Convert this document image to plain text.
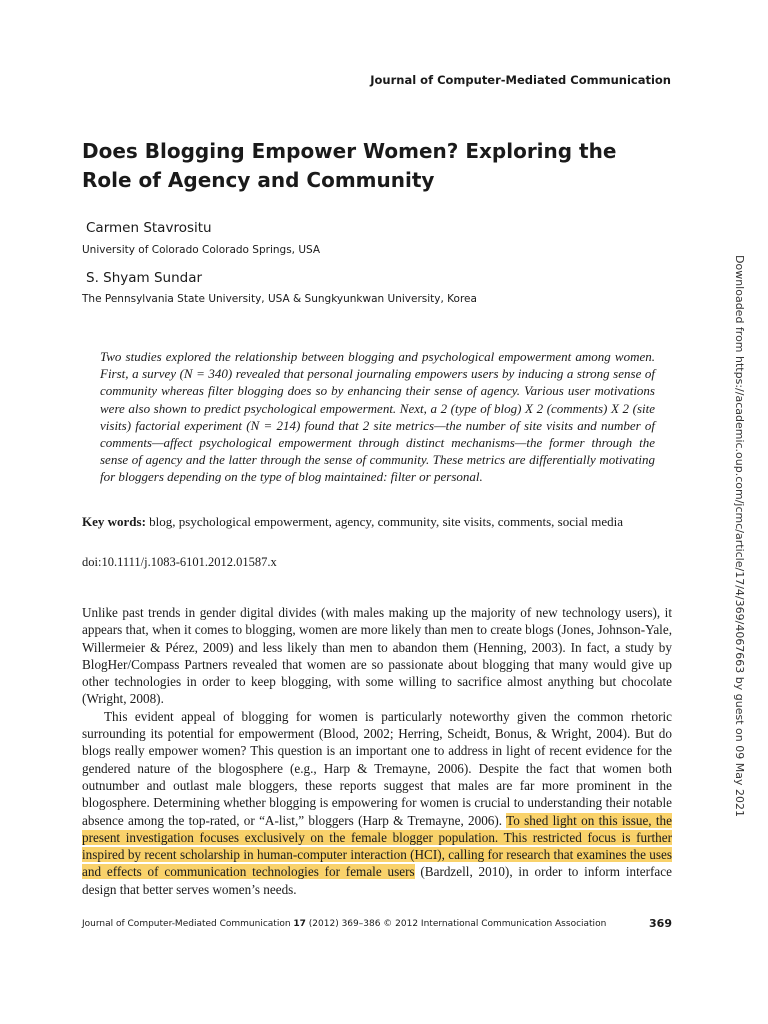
Journal of Computer-Mediated Communication
Does Blogging Empower Women? Exploring the
Role of Agency and Community
Carmen Stavrositu
University of Colorado Colorado Springs, USA
S. Shyam Sundar
The Pennsylvania State University, USA & Sungkyunkwan University, Korea
Two studies explored the relationship between blogging and psychological empowerment among women. First, a survey (N = 340) revealed that personal journaling empowers users by inducing a strong sense of community whereas filter blogging does so by enhancing their sense of agency. Various user motivations were also shown to predict psychological empowerment. Next, a 2 (type of blog) X 2 (comments) X 2 (site visits) factorial experiment (N = 214) found that 2 site metrics—the number of site visits and number of comments—affect psychological empowerment through distinct mechanisms—the former through the sense of agency and the latter through the sense of community. These metrics are differentially motivating for bloggers depending on the type of blog maintained: filter or personal.
Key words: blog, psychological empowerment, agency, community, site visits, comments, social media
doi:10.1111/j.1083-6101.2012.01587.x

Unlike past trends in gender digital divides (with males making up the majority of new technology users), it appears that, when it comes to blogging, women are more likely than men to create blogs (Jones, Johnson-Yale, Willermeier & Pérez, 2009) and less likely than men to abandon them (Henning, 2003). In fact, a study by BlogHer/Compass Partners revealed that women are so passionate about blogging that many would give up other technologies in order to keep blogging, with some willing to sacrifice almost anything but chocolate (Wright, 2008).

This evident appeal of blogging for women is particularly noteworthy given the common rhetoric surrounding its potential for empowerment (Blood, 2002; Herring, Scheidt, Bonus, & Wright, 2004). But do blogs really empower women? This question is an important one to address in light of recent evidence for the gendered nature of the blogosphere (e.g., Harp & Tremayne, 2006). Despite the fact that women both outnumber and outlast male bloggers, these reports suggest that males are far more prominent in the blogosphere. Determining whether blogging is empowering for women is crucial to understanding their notable absence among the top-rated, or “A-list,” bloggers (Harp & Tremayne, 2006). To shed light on this issue, the present investigation focuses exclusively on the female blogger population. This restricted focus is further inspired by recent scholarship in human-computer interaction (HCI), calling for research that examines the uses and effects of communication technologies for female users (Bardzell, 2010), in order to inform interface design that better serves women’s needs.

Journal of Computer-Mediated Communication 17 (2012) 369–386 © 2012 International Communication Association	369
Downloaded from https://academic.oup.com/jcmc/article/17/4/369/4067663 by guest on 09 May 2021
